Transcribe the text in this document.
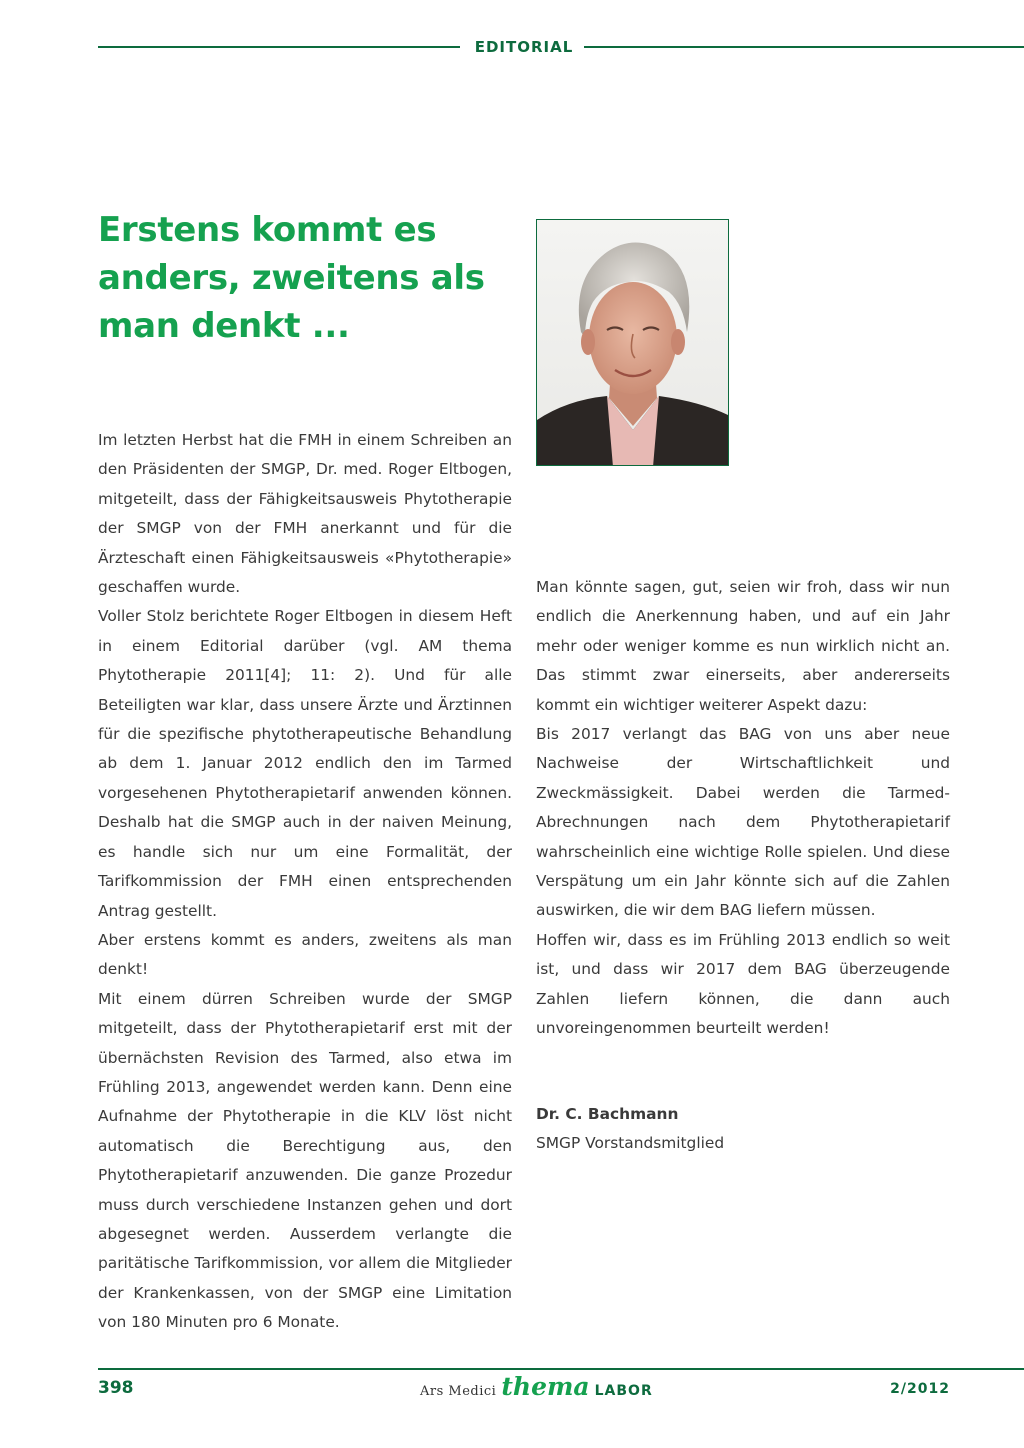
EDITORIAL
Erstens kommt es anders, zweitens als man denkt ...

Im letzten Herbst hat die FMH in einem Schreiben an den Präsidenten der SMGP, Dr. med. Roger Eltbogen, mitgeteilt, dass der Fähigkeitsausweis Phytotherapie der SMGP von der FMH anerkannt und für die Ärzteschaft einen Fähigkeitsausweis «Phytotherapie» geschaffen wurde.

Voller Stolz berichtete Roger Eltbogen in diesem Heft in einem Editorial darüber (vgl. AM thema Phytotherapie 2011[4]; 11: 2). Und für alle Beteiligten war klar, dass unsere Ärzte und Ärztinnen für die spezifische phytotherapeutische Behandlung ab dem 1. Januar 2012 endlich den im Tarmed vorgesehenen Phytotherapietarif anwenden können. Deshalb hat die SMGP auch in der naiven Meinung, es handle sich nur um eine Formalität, der Tarifkommission der FMH einen entsprechenden Antrag gestellt.

Aber erstens kommt es anders, zweitens als man denkt!

Mit einem dürren Schreiben wurde der SMGP mitgeteilt, dass der Phytotherapietarif erst mit der übernächsten Revision des Tarmed, also etwa im Frühling 2013, angewendet werden kann. Denn eine Aufnahme der Phytotherapie in die KLV löst nicht automatisch die Berechtigung aus, den Phytotherapietarif anzuwenden. Die ganze Prozedur muss durch verschiedene Instanzen gehen und dort abgesegnet werden. Ausserdem verlangte die paritätische Tarifkommission, vor allem die Mitglieder der Krankenkassen, von der SMGP eine Limitation von 180 Minuten pro 6 Monate.

Man könnte sagen, gut, seien wir froh, dass wir nun endlich die Anerkennung haben, und auf ein Jahr mehr oder weniger komme es nun wirklich nicht an. Das stimmt zwar einerseits, aber andererseits kommt ein wichtiger weiterer Aspekt dazu:

Bis 2017 verlangt das BAG von uns aber neue Nachweise der Wirtschaftlichkeit und Zweckmässigkeit. Dabei werden die Tarmed-Abrechnungen nach dem Phytotherapietarif wahrscheinlich eine wichtige Rolle spielen. Und diese Verspätung um ein Jahr könnte sich auf die Zahlen auswirken, die wir dem BAG liefern müssen.

Hoffen wir, dass es im Frühling 2013 endlich so weit ist, und dass wir 2017 dem BAG überzeugende Zahlen liefern können, die dann auch unvoreingenommen beurteilt werden!

Dr. C. Bachmann
SMGP Vorstandsmitglied
398	Ars Medici thema LABOR	2/2012
